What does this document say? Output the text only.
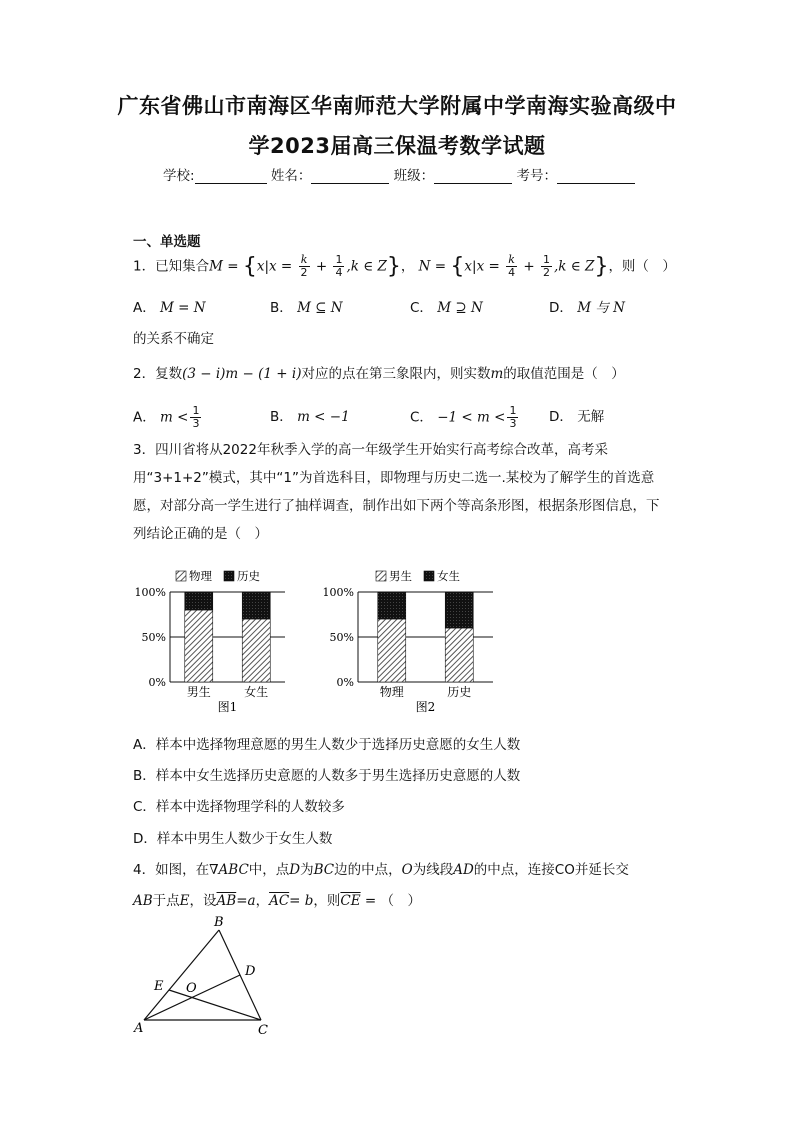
广东省佛山市南海区华南师范大学附属中学南海实验高级中
学2023届高三保温考数学试题
学校:	姓名：	班级：	考号：
一、单选题
1．已知集合$M = \{x|x = \frac{k}{2} + \frac{1}{4} ,k$ ∈ Z}， $N = \{x|x = \frac{k}{4} + \frac{1}{2} ,k$ ∈ Z}，则（　）
A． M = N	B． M ⊆ N	C． M ⊇ N	D． M 与 N
的关系不确定
2．复数(3 − i)m − (1 + i)对应的点在第三象限内，则实数m的取值范围是（　）
A． $m < \frac{1}{3}$	B． m < −1	C． $-1 < m < \frac{1}{3}$ D． 无解
3．四川省将从2022年秋季入学的高一年级学生开始实行高考综合改革，高考采用“3+1+2”模式，其中“1”为首选科目，即物理与历史二选一.某校为了解学生的首选意愿，对部分高一学生进行了抽样调查，制作出如下两个等高条形图，根据条形图信息，下列结论正确的是（　）
物理 历史
0%
50%
100%
男生	女生
图1
男生 女生
0%
50%
100%
物理	历史
图2
A．样本中选择物理意愿的男生人数少于选择历史意愿的女生人数
B．样本中女生选择历史意愿的人数多于男生选择历史意愿的人数
C．样本中选择物理学科的人数较多
D．样本中男生人数少于女生人数
4．如图，在∇ABC中，点D为BC边的中点，O为线段AD的中点，连接CO并延长交
AB于点E，设$\overline{AB}=a$，$\overline{AC}= b$，则$\overline{CE}$ = （　）
B
A	C
D
E O
